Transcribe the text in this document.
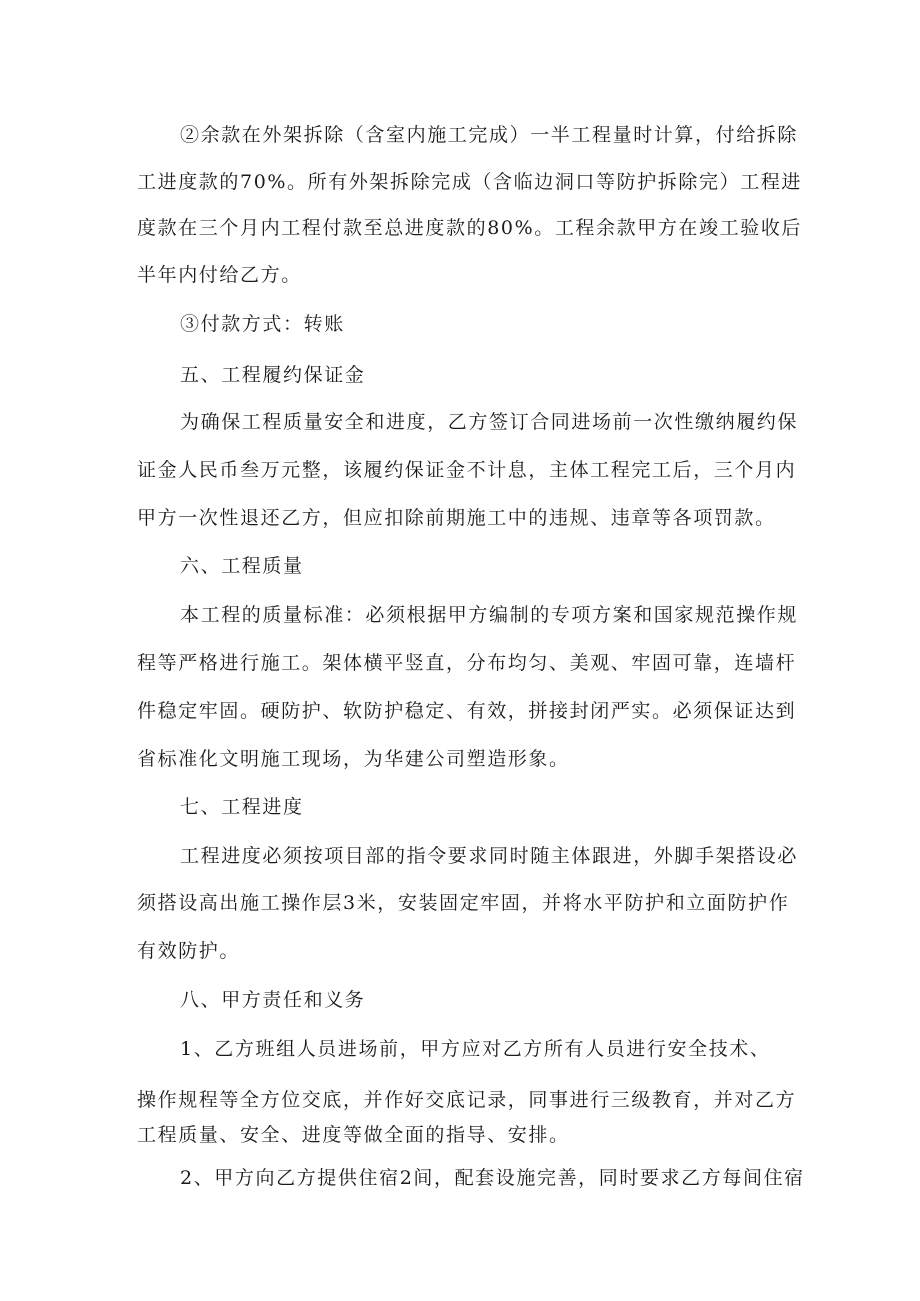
②余款在外架拆除（含室内施工完成）一半工程量时计算，付给拆除
工进度款的70%。所有外架拆除完成（含临边洞口等防护拆除完）工程进
度款在三个月内工程付款至总进度款的80%。工程余款甲方在竣工验收后
半年内付给乙方。
③付款方式：转账
五、工程履约保证金
为确保工程质量安全和进度，乙方签订合同进场前一次性缴纳履约保
证金人民币叁万元整，该履约保证金不计息，主体工程完工后，三个月内
甲方一次性退还乙方，但应扣除前期施工中的违规、违章等各项罚款。
六、工程质量
本工程的质量标准：必须根据甲方编制的专项方案和国家规范操作规
程等严格进行施工。架体横平竖直，分布均匀、美观、牢固可靠，连墙杆
件稳定牢固。硬防护、软防护稳定、有效，拼接封闭严实。必须保证达到
省标准化文明施工现场，为华建公司塑造形象。
七、工程进度
工程进度必须按项目部的指令要求同时随主体跟进，外脚手架搭设必
须搭设高出施工操作层3米，安装固定牢固，并将水平防护和立面防护作
有效防护。
八、甲方责任和义务
1、乙方班组人员进场前，甲方应对乙方所有人员进行安全技术、
操作规程等全方位交底，并作好交底记录，同事进行三级教育，并对乙方
工程质量、安全、进度等做全面的指导、安排。
2、甲方向乙方提供住宿2间，配套设施完善，同时要求乙方每间住宿
